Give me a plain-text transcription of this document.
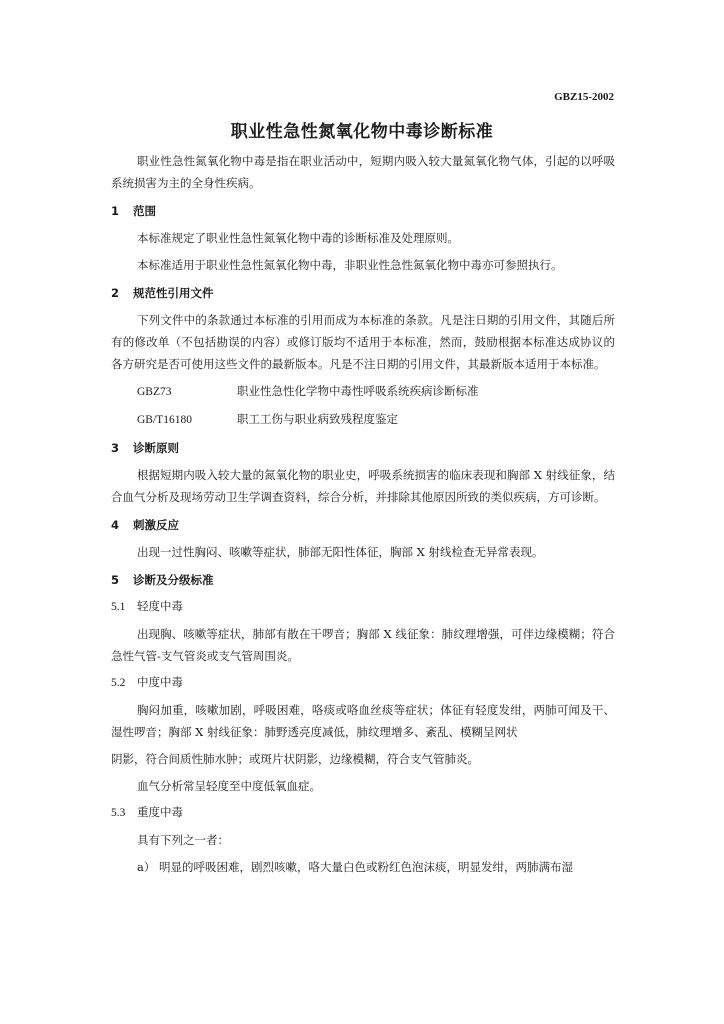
GBZ15-2002
职业性急性氮氧化物中毒诊断标准

职业性急性氮氧化物中毒是指在职业活动中，短期内吸入较大量氮氧化物气体，引起的以呼吸系统损害为主的全身性疾病。

1 范围

本标准规定了职业性急性氮氧化物中毒的诊断标准及处理原则。

本标准适用于职业性急性氮氧化物中毒，非职业性急性氮氧化物中毒亦可参照执行。

2 规范性引用文件

下列文件中的条款通过本标准的引用而成为本标准的条款。凡是注日期的引用文件，其随后所有的修改单（不包括勘误的内容）或修订版均不适用于本标准，然而，鼓励根据本标准达成协议的各方研究是否可使用这些文件的最新版本。凡是不注日期的引用文件，其最新版本适用于本标准。

GBZ73	职业性急性化学物中毒性呼吸系统疾病诊断标准
GB/T16180	职工工伤与职业病致残程度鉴定
3 诊断原则

根据短期内吸入较大量的氮氧化物的职业史，呼吸系统损害的临床表现和胸部 X 射线征象，结合血气分析及现场劳动卫生学调查资料，综合分析，并排除其他原因所致的类似疾病，方可诊断。

4 刺激反应

出现一过性胸闷、咳嗽等症状，肺部无阳性体征，胸部 X 射线检查无异常表现。

5 诊断及分级标准
5.1 轻度中毒

出现胸、咳嗽等症状，肺部有散在干啰音；胸部 X 线征象：肺纹理增强，可伴边缘模糊；符合急性气管-支气管炎或支气管周围炎。

5.2 中度中毒

胸闷加重，咳嗽加剧，呼吸困难，咯痰或咯血丝痰等症状；体征有轻度发绀，两肺可闻及干、湿性啰音；胸部 X 射线征象：肺野透亮度减低，肺纹理增多、紊乱、模糊呈网状

阴影，符合间质性肺水肿；或斑片状阴影，边缘模糊，符合支气管肺炎。

血气分析常呈轻度至中度低氧血症。

5.3 重度中毒

具有下列之一者：

a） 明显的呼吸困难，剧烈咳嗽，咯大量白色或粉红色泡沫痰，明显发绀，两肺满布湿
